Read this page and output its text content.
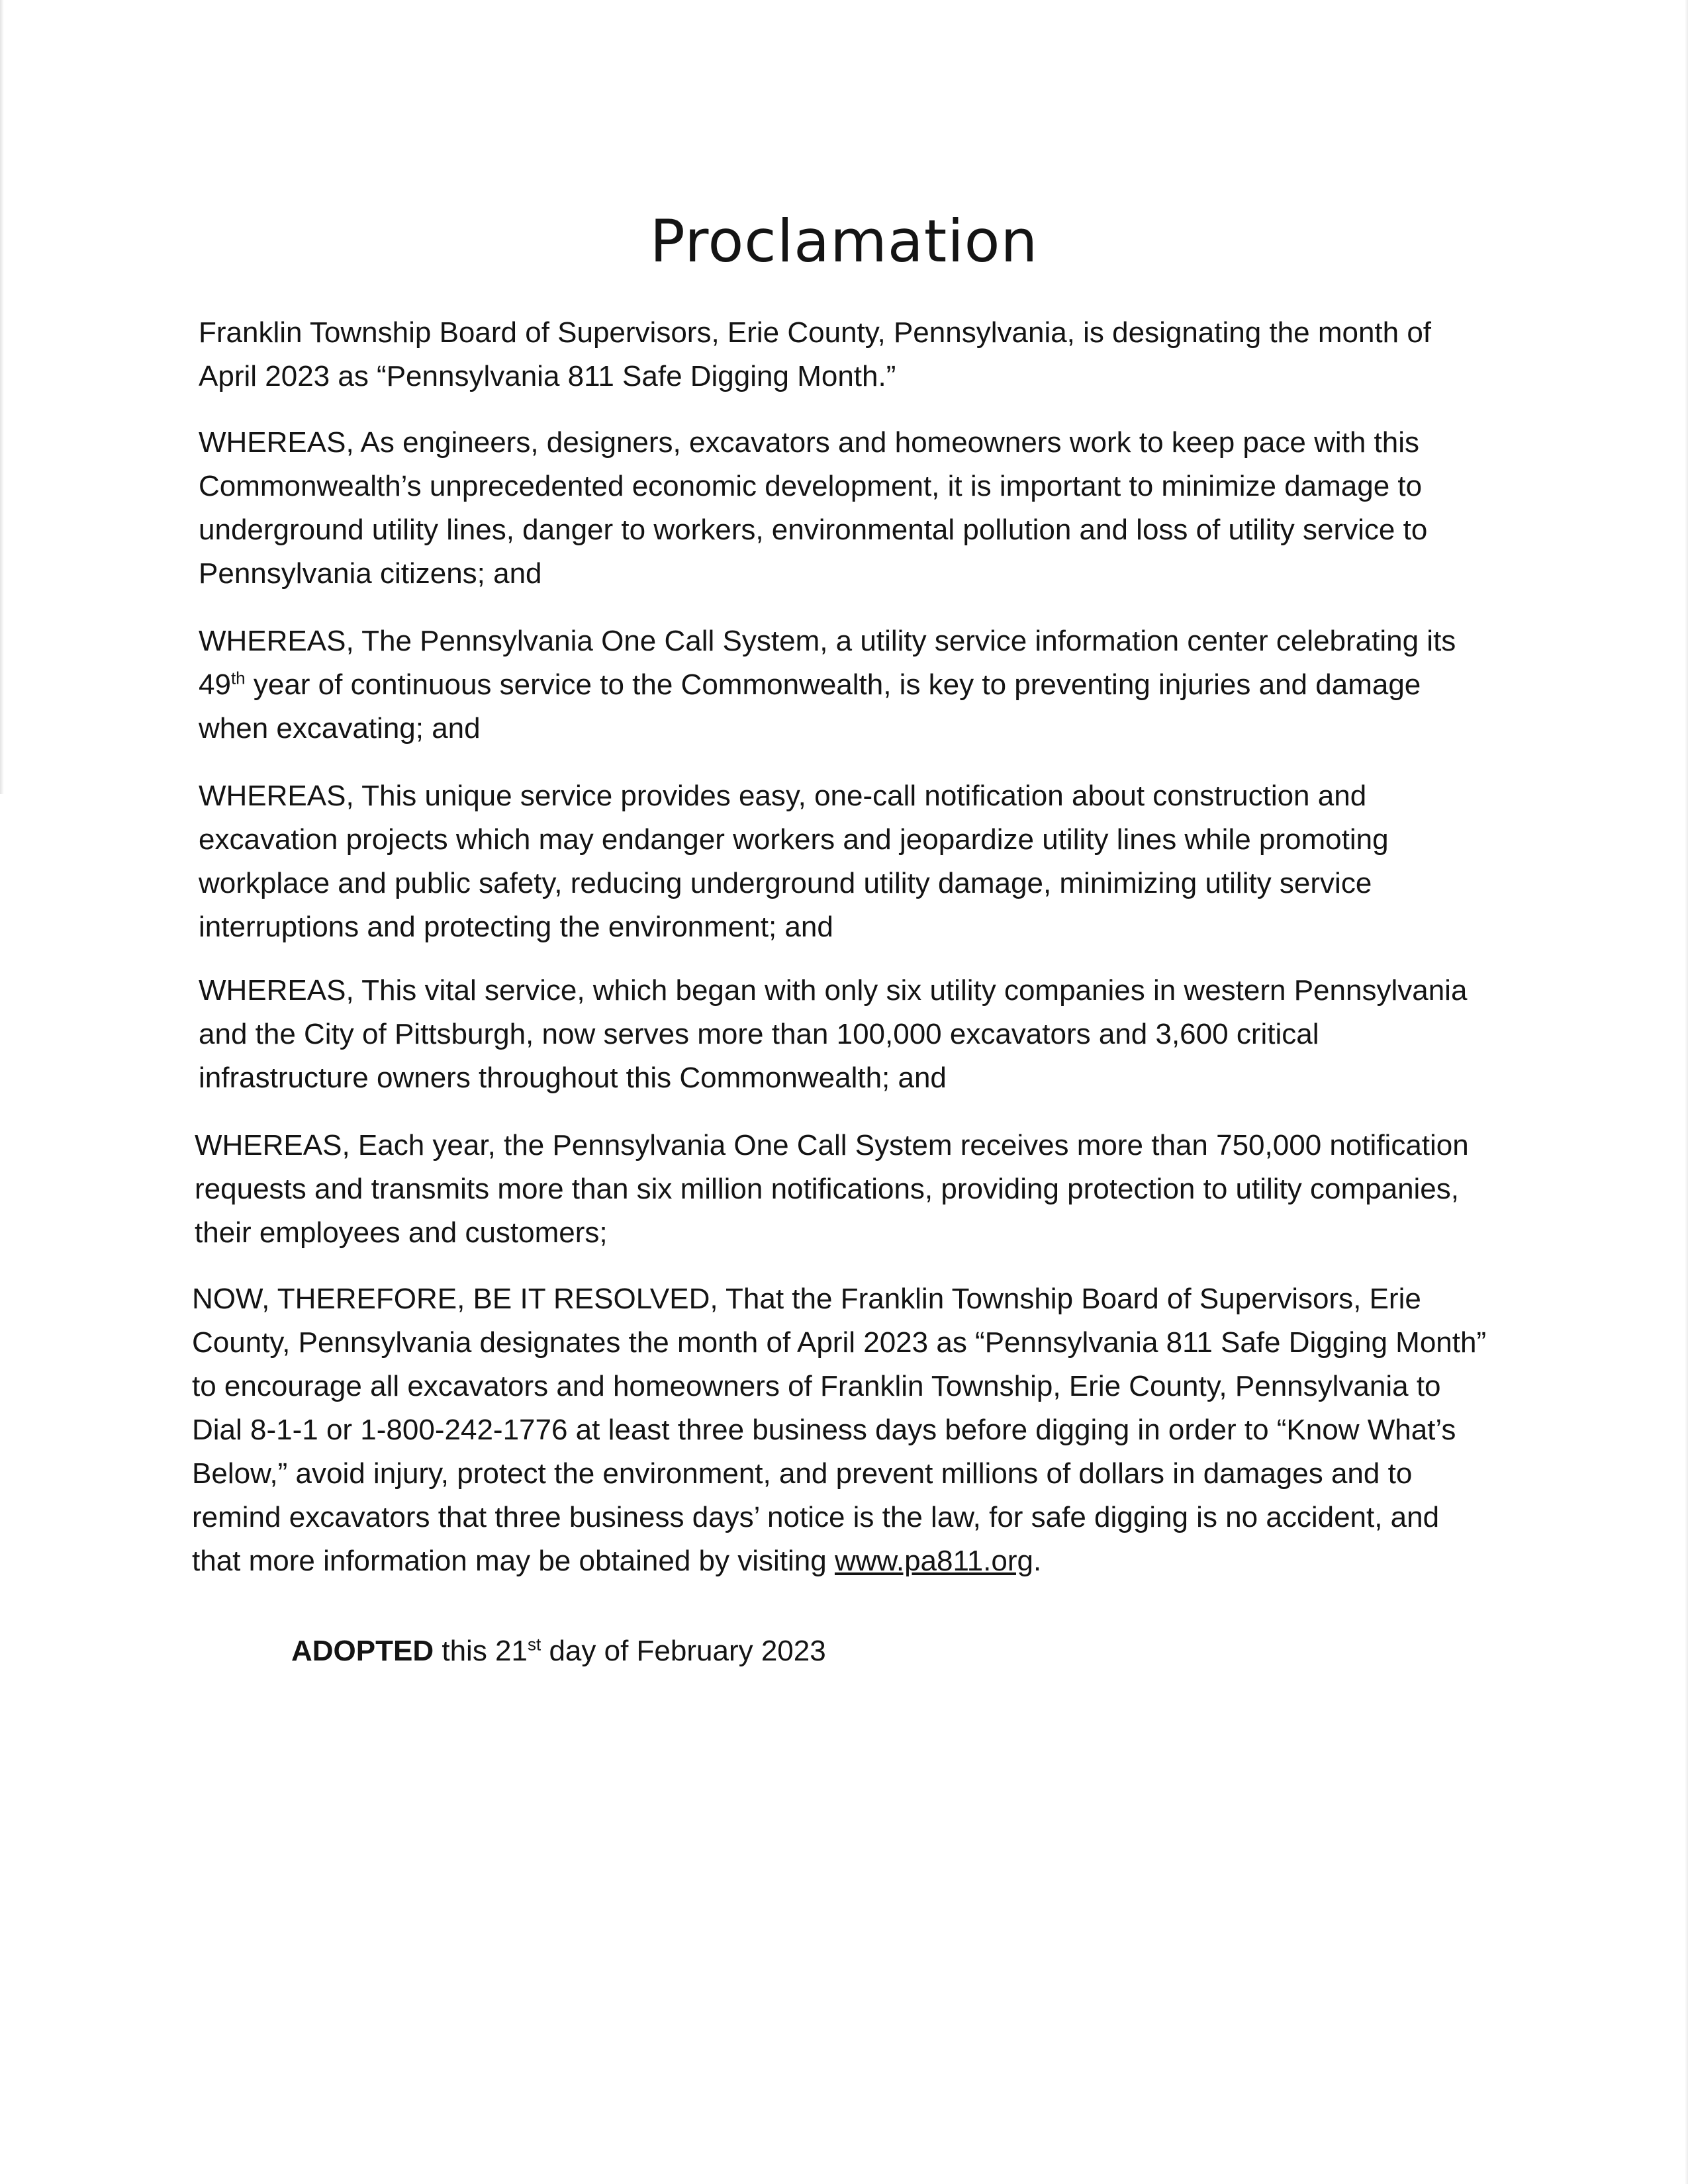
Proclamation

Franklin Township Board of Supervisors, Erie County, Pennsylvania, is designating the month of April 2023 as “Pennsylvania 811 Safe Digging Month.”

WHEREAS, As engineers, designers, excavators and homeowners work to keep pace with this Commonwealth’s unprecedented economic development, it is important to minimize damage to underground utility lines, danger to workers, environmental pollution and loss of utility service to Pennsylvania citizens; and

WHEREAS, The Pennsylvania One Call System, a utility service information center celebrating its 49th year of continuous service to the Commonwealth, is key to preventing injuries and damage when excavating; and

WHEREAS, This unique service provides easy, one-call notification about construction and excavation projects which may endanger workers and jeopardize utility lines while promoting workplace and public safety, reducing underground utility damage, minimizing utility service interruptions and protecting the environment; and

WHEREAS, This vital service, which began with only six utility companies in western Pennsylvania and the City of Pittsburgh, now serves more than 100,000 excavators and 3,600 critical infrastructure owners throughout this Commonwealth; and

WHEREAS, Each year, the Pennsylvania One Call System receives more than 750,000 notification requests and transmits more than six million notifications, providing protection to utility companies, their employees and customers;

NOW, THEREFORE, BE IT RESOLVED, That the Franklin Township Board of Supervisors, Erie County, Pennsylvania designates the month of April 2023 as “Pennsylvania 811 Safe Digging Month” to encourage all excavators and homeowners of Franklin Township, Erie County, Pennsylvania to Dial 8-1-1 or 1-800-242-1776 at least three business days before digging in order to “Know What’s Below,” avoid injury, protect the environment, and prevent millions of dollars in damages and to remind excavators that three business days’ notice is the law, for safe digging is no accident, and that more information may be obtained by visiting www.pa811.org.

ADOPTED this 21st day of February 2023
